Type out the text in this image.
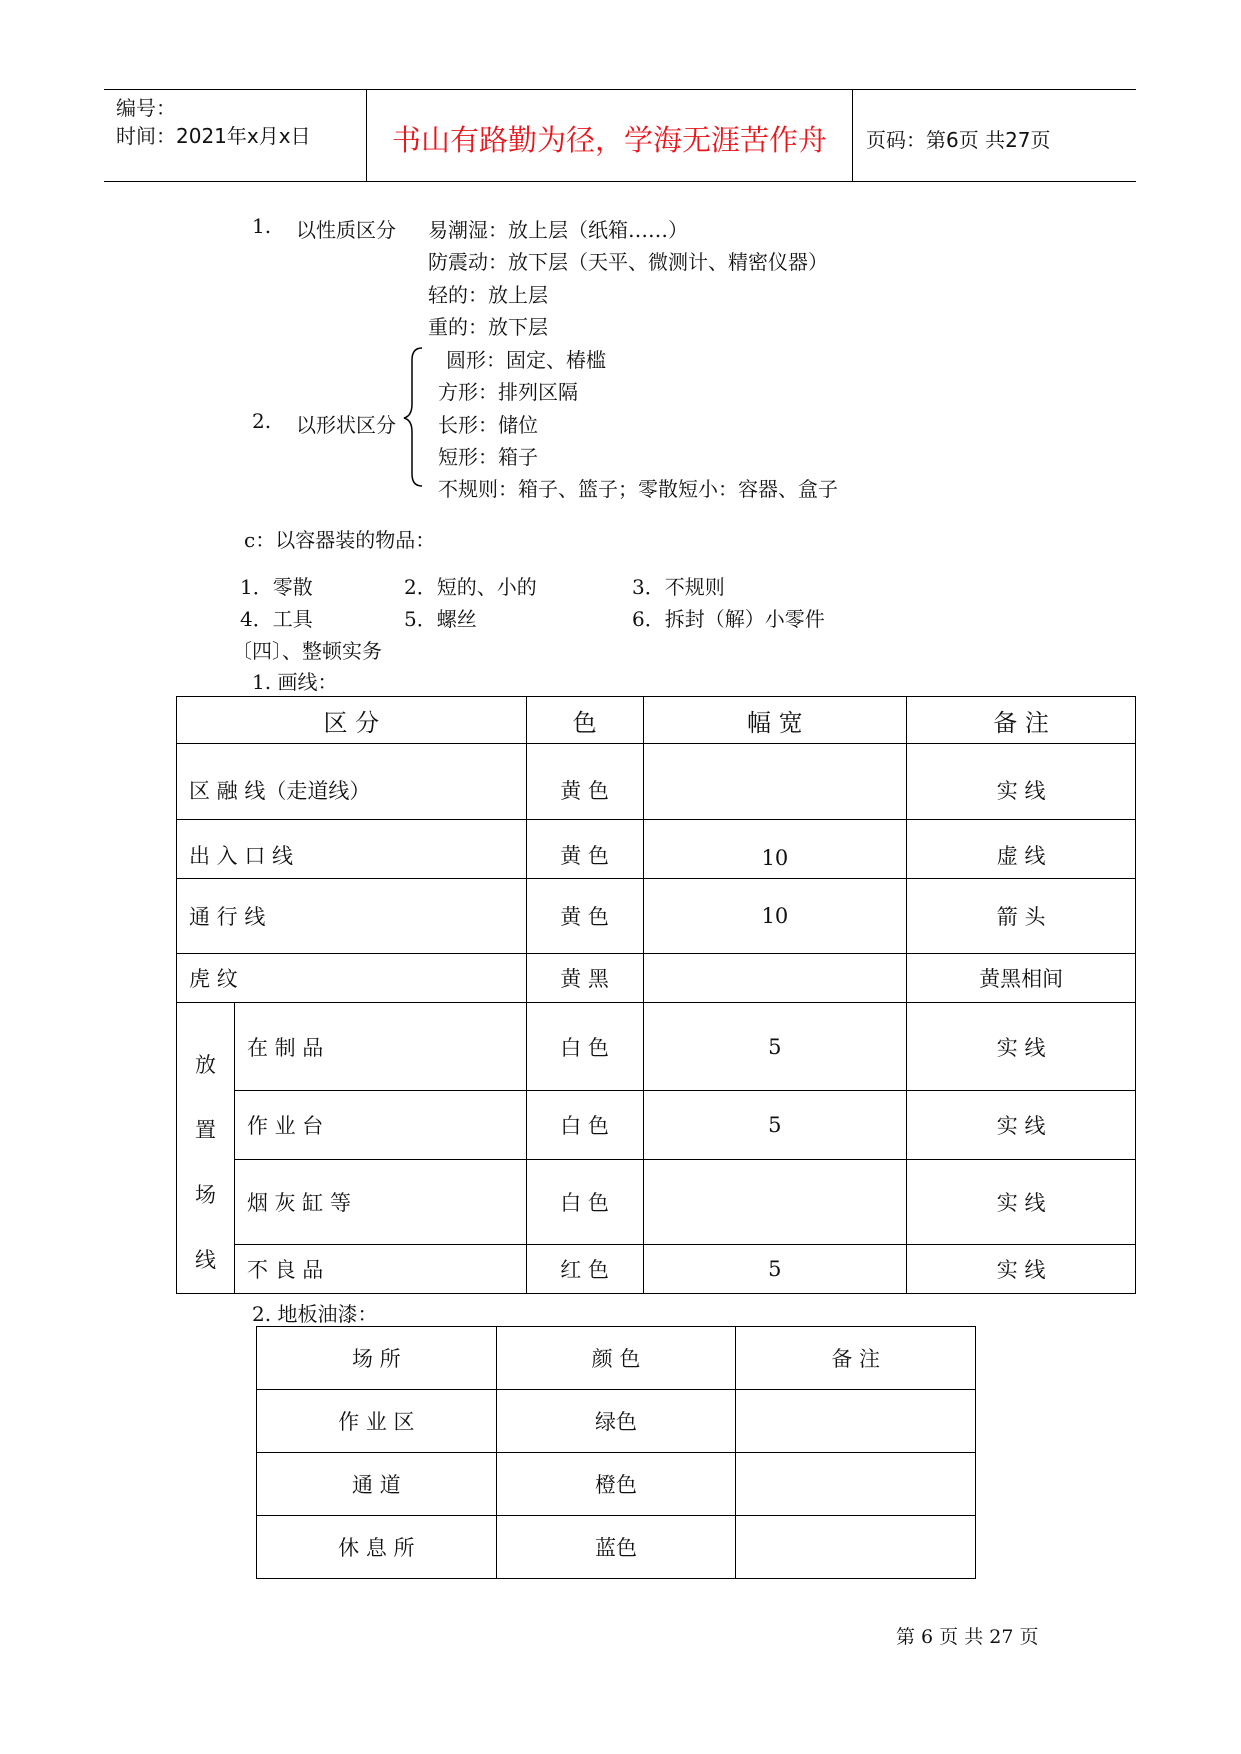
编号：
时间：2021年x月x日	书山有路勤为径，学海无涯苦作舟 页码：第6页 共27页
1. 以性质区分 易潮湿：放上层（纸箱……）
防震动：放下层（天平、微测计、精密仪器）
轻的：放上层
重的：放下层
2. 以形状区分
圆形：固定、椿槛
方形：排列区隔
长形：储位
短形：箱子
不规则：箱子、篮子；零散短小：容器、盒子
c：以容器装的物品：
1．零散	2．短的、小的	3．不规则
4．工具	5．螺丝	6．拆封（解）小零件
〔四〕、整顿实务
1. 画线：
区 分		色	幅 宽	备 注
区 融 线（走道线）		黄 色		实 线
出 入 口 线		黄 色	10	虚 线
通 行 线		黄 色	10	箭 头
虎 纹		黄 黑		黄黑相间

放
置
场
线	在 制 品	白 色	5	实 线
	作 业 台	白 色	5	实 线
	烟 灰 缸 等	白 色		实 线
	不 良 品	红 色	5	实 线
2. 地板油漆：
场 所	颜 色	备 注
作 业 区	绿色	
通 道	橙色	
休 息 所	蓝色	
第 6 页 共 27 页
